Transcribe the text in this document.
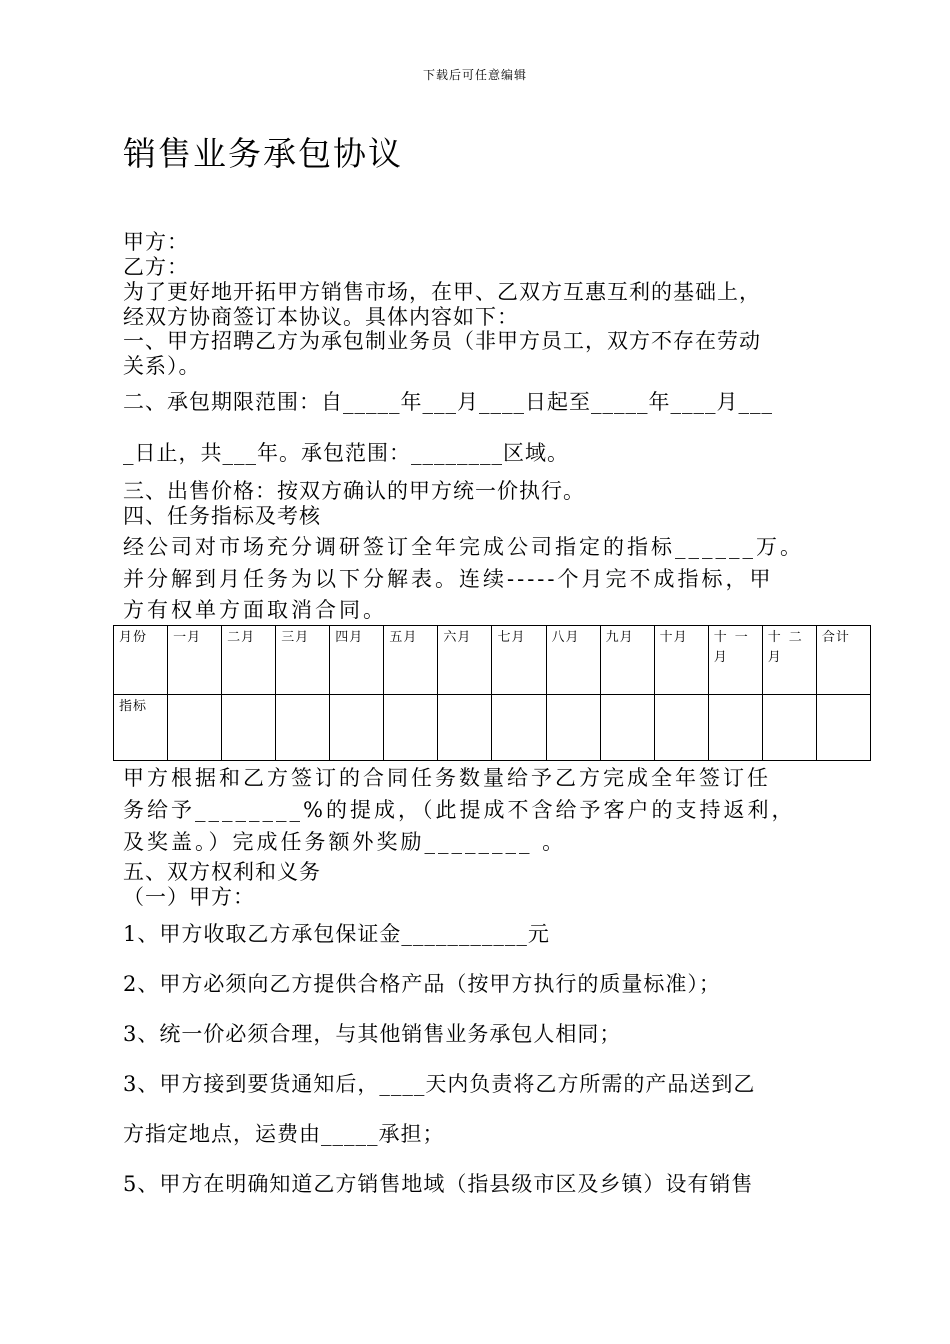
下载后可任意编辑
销售业务承包协议
甲方：
乙方：
为了更好地开拓甲方销售市场，在甲、乙双方互惠互利的基础上，
经双方协商签订本协议。具体内容如下：
一、甲方招聘乙方为承包制业务员（非甲方员工，双方不存在劳动
关系）。
二、承包期限范围：自_____年___月____日起至_____年____月___
_日止，共___年。承包范围：________区域。
三、出售价格：按双方确认的甲方统一价执行。
四、任务指标及考核
经公司对市场充分调研签订全年完成公司指定的指标______万。
并分解到月任务为以下分解表。连续-----个月完不成指标，甲
方有权单方面取消合同。
月份	一月	二月	三月	四月	五月	六月	七月	八月	九月	十月	十一月	十二月	合计
指标													
甲方根据和乙方签订的合同任务数量给予乙方完成全年签订任
务给予________%的提成，（此提成不含给予客户的支持返利，
及奖盖。）完成任务额外奖励________ 。
五、双方权利和义务
（一）甲方：
1、甲方收取乙方承包保证金___________元
2、甲方必须向乙方提供合格产品（按甲方执行的质量标准）；
3、统一价必须合理，与其他销售业务承包人相同；
3、甲方接到要货通知后，____天内负责将乙方所需的产品送到乙
方指定地点，运费由_____承担；
5、甲方在明确知道乙方销售地域（指县级市区及乡镇）设有销售
